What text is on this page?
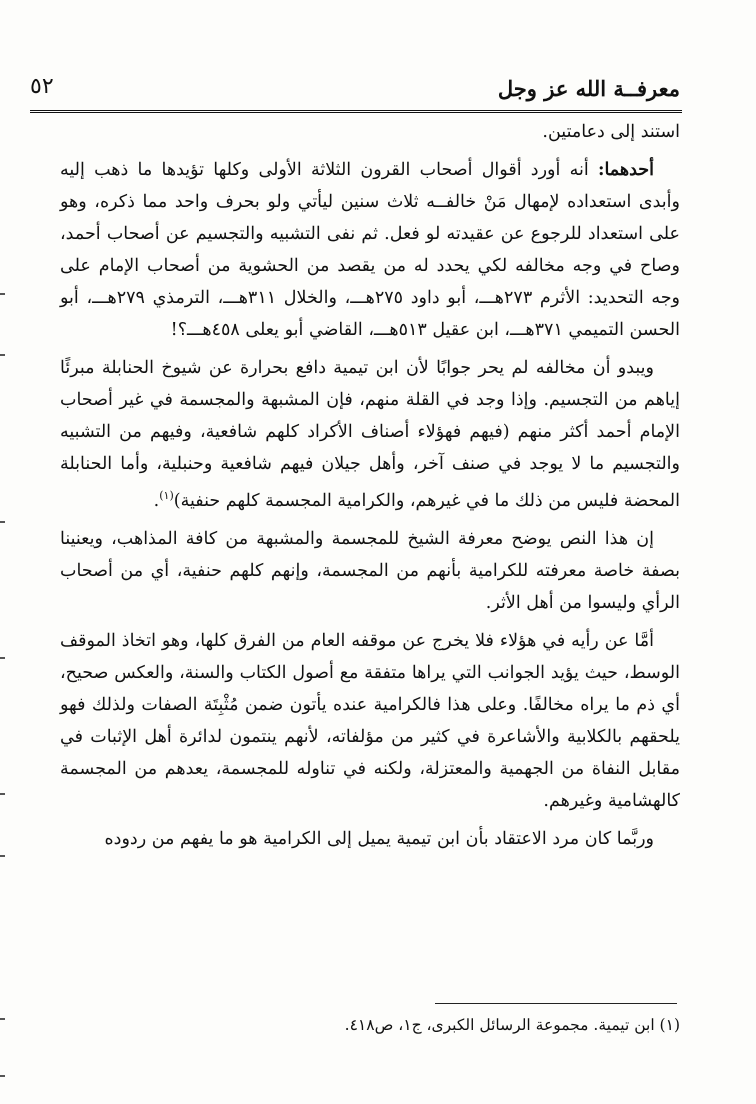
معرفــة الله عز وجل
٥٢

استند إلى دعامتين.

أحدهما: أنه أورد أقوال أصحاب القرون الثلاثة الأولى وكلها تؤيدها ما ذهب إليه وأبدى استعداده لإمهال مَنْ خالفــه ثلاث سنين ليأتي ولو بحرف واحد مما ذكره، وهو على استعداد للرجوع عن عقيدته لو فعل. ثم نفى التشبيه والتجسيم عن أصحاب أحمد، وصاح في وجه مخالفه لكي يحدد له من يقصد من الحشوية من أصحاب الإمام على وجه التحديد: الأثرم ٢٧٣هـــ، أبو داود ٢٧٥هـــ، والخلال ٣١١هـــ، الترمذي ٢٧٩هـــ، أبو الحسن التميمي ٣٧١هـــ، ابن عقيل ٥١٣هـــ، القاضي أبو يعلى ٤٥٨هـــ؟!

ويبدو أن مخالفه لم يحر جوابًا لأن ابن تيمية دافع بحرارة عن شيوخ الحنابلة مبرئًا إياهم من التجسيم. وإذا وجد في القلة منهم، فإن المشبهة والمجسمة في غير أصحاب الإمام أحمد أكثر منهم (فيهم فهؤلاء أصناف الأكراد كلهم شافعية، وفيهم من التشبيه والتجسيم ما لا يوجد في صنف آخر، وأهل جيلان فيهم شافعية وحنبلية، وأما الحنابلة المحضة فليس من ذلك ما في غيرهم، والكرامية المجسمة كلهم حنفية)$^{(١)}$.

إن هذا النص يوضح معرفة الشيخ للمجسمة والمشبهة من كافة المذاهب، ويعنينا بصفة خاصة معرفته للكرامية بأنهم من المجسمة، وإنهم كلهم حنفية، أي من أصحاب الرأي وليسوا من أهل الأثر.

أمَّا عن رأيه في هؤلاء فلا يخرج عن موقفه العام من الفرق كلها، وهو اتخاذ الموقف الوسط، حيث يؤيد الجوانب التي يراها متفقة مع أصول الكتاب والسنة، والعكس صحيح، أي ذم ما يراه مخالفًا. وعلى هذا فالكرامية عنده يأتون ضمن مُثْبِتَة الصفات ولذلك فهو يلحقهم بالكلابية والأشاعرة في كثير من مؤلفاته، لأنهم ينتمون لدائرة أهل الإثبات في مقابل النفاة من الجهمية والمعتزلة، ولكنه في تناوله للمجسمة، يعدهم من المجسمة كالهشامية وغيرهم.

وربَّما كان مرد الاعتقاد بأن ابن تيمية يميل إلى الكرامية هو ما يفهم من ردوده

(١) ابن تيمية. مجموعة الرسائل الكبرى، ج١، ص٤١٨.
